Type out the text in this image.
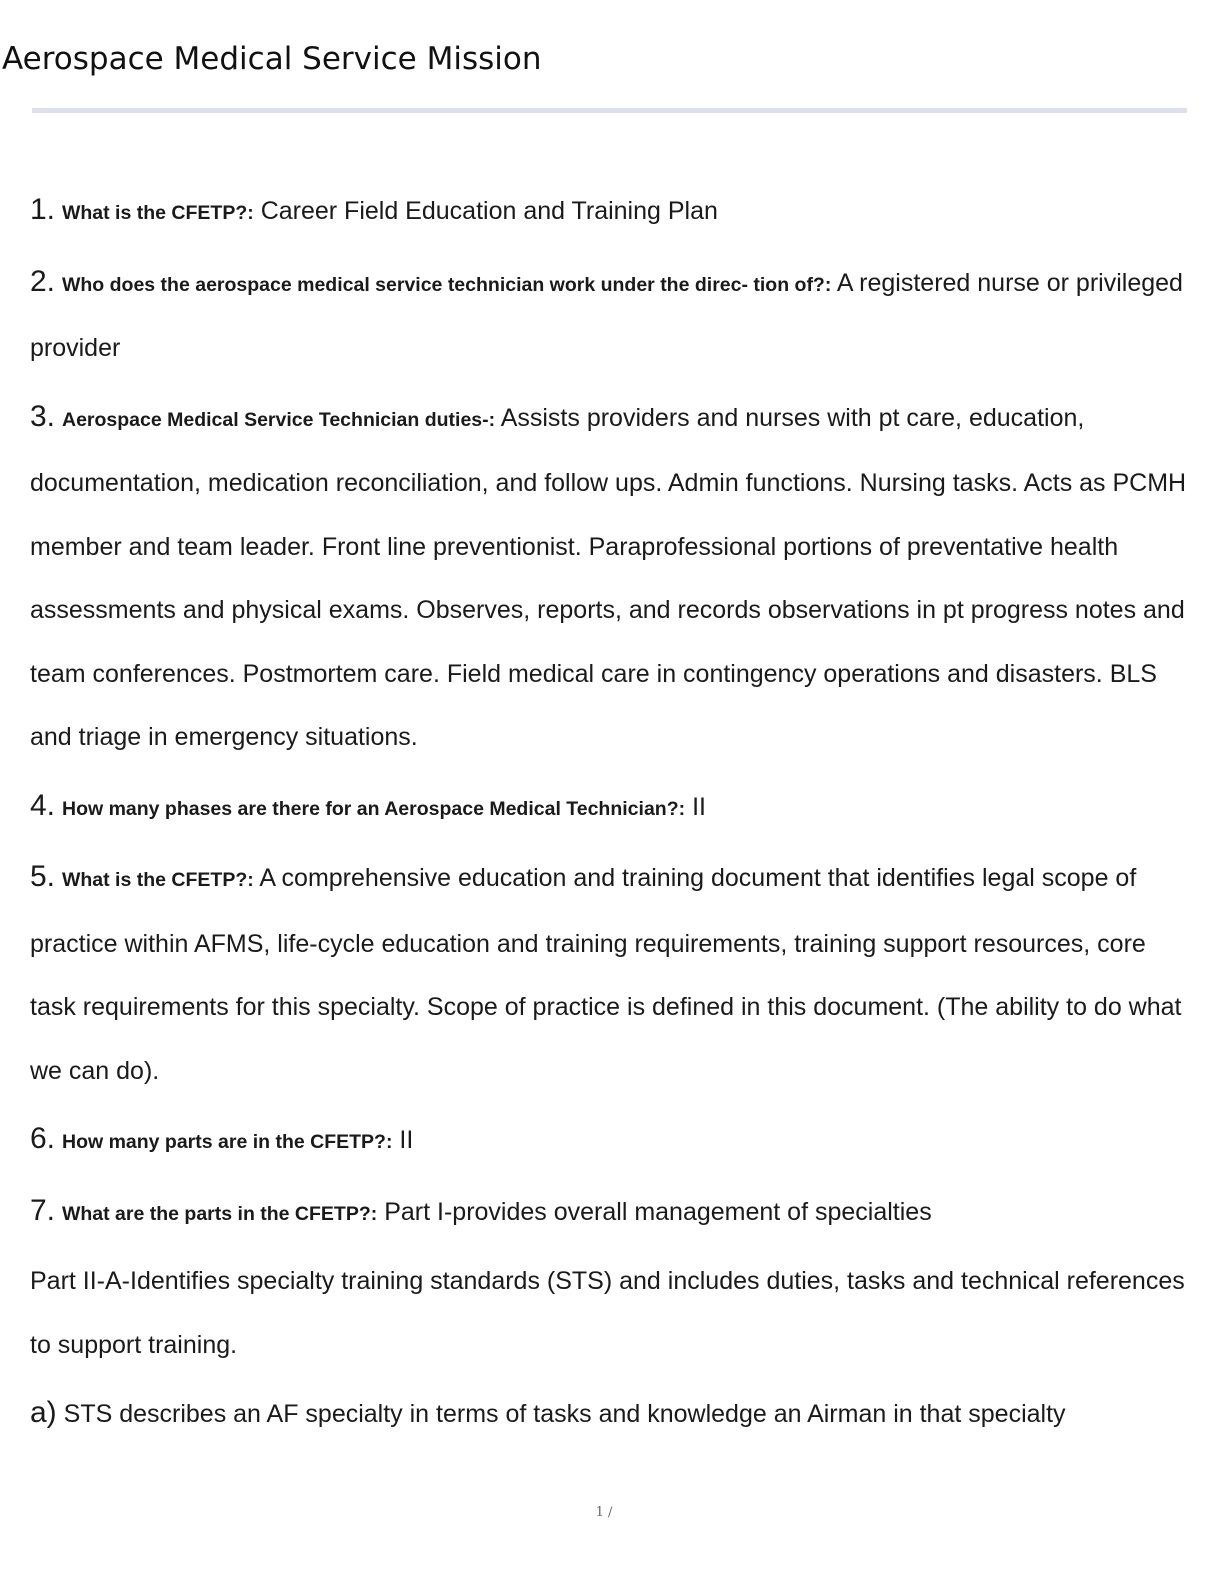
Aerospace Medical Service Mission

1. What is the CFETP?: Career Field Education and Training Plan

2. Who does the aerospace medical service technician work under the direc- tion of?: A registered nurse or privileged provider

3. Aerospace Medical Service Technician duties-: Assists providers and nurses with pt care, education, documentation, medication reconciliation, and follow ups. Admin functions. Nursing tasks. Acts as PCMH member and team leader. Front line preventionist. Paraprofessional portions of preventative health assessments and physical exams. Observes, reports, and records observations in pt progress notes and team conferences. Postmortem care. Field medical care in contingency operations and disasters. BLS and triage in emergency situations.

4. How many phases are there for an Aerospace Medical Technician?: II

5. What is the CFETP?: A comprehensive education and training document that identifies legal scope of practice within AFMS, life-cycle education and training requirements, training support resources, core task requirements for this specialty. Scope of practice is defined in this document. (The ability to do what we can do).

6. How many parts are in the CFETP?: II

7. What are the parts in the CFETP?: Part I-provides overall management of specialties

Part II-A-Identifies specialty training standards (STS) and includes duties, tasks and technical references to support training.

a) STS describes an AF specialty in terms of tasks and knowledge an Airman in that specialty

1 /
